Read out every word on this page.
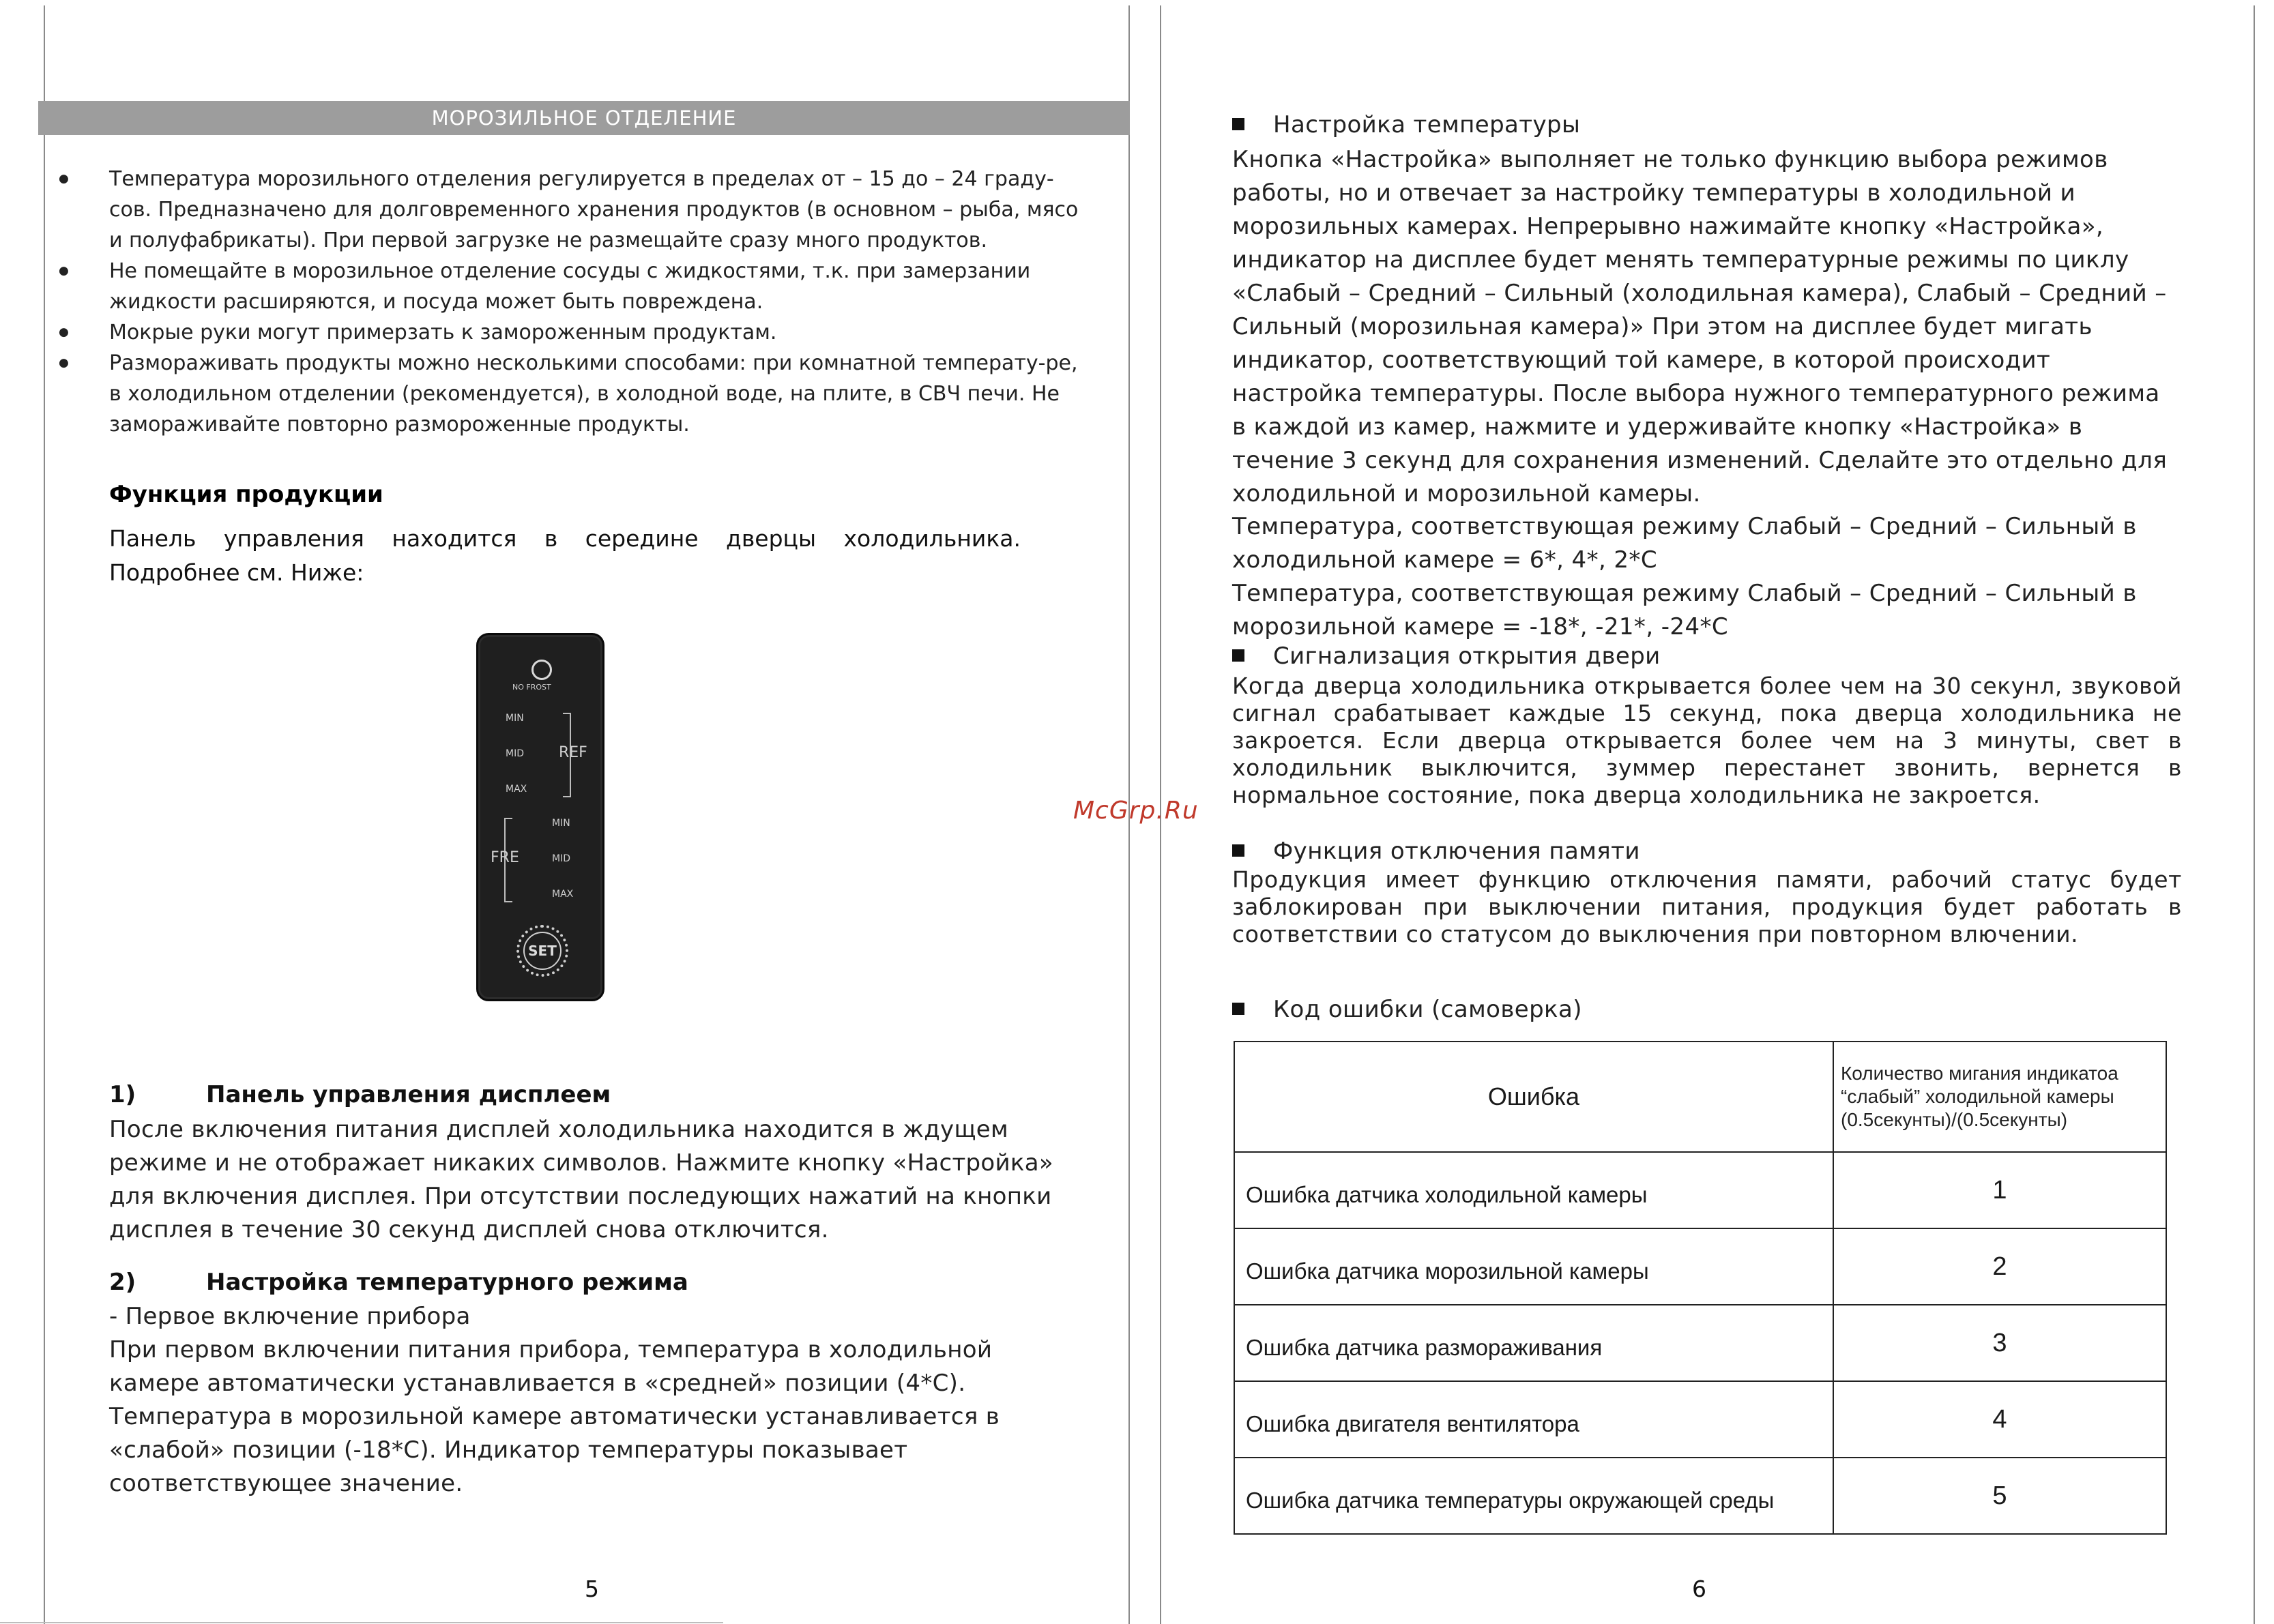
МОРОЗИЛЬНОЕ ОТДЕЛЕНИЕ
● Температура морозильного отделения регулируется в пределах от – 15 до – 24 граду-сов. Предназначено для долговременного хранения продуктов (в основном – рыба, мясо и полуфабрикаты). При первой загрузке не размещайте сразу много продуктов.
● Не помещайте в морозильное отделение сосуды с жидкостями, т.к. при замерзании жидкости расширяются, и посуда может быть повреждена.
● Мокрые руки могут примерзать к замороженным продуктам.
● Размораживать продукты можно несколькими способами: при комнатной температу-ре, в холодильном отделении (рекомендуется), в холодной воде, на плите, в СВЧ печи. Не замораживайте повторно размороженные продукты.
Функция продукции
Панель управления находится в середине дверцы холодильника. Подробнее см. Ниже:
NO FROST
MIN
MID
MAX
REF
MIN
MID
MAX
FRE
SET
1)	Панель управления дисплеем
После включения питания дисплей холодильника находится в ждущем режиме и не отображает никаких символов. Нажмите кнопку «Настройка» для включения дисплея. При отсутствии последующих нажатий на кнопки дисплея в течение 30 секунд дисплей снова отключится.
2)	Настройка температурного режима
- Первое включение прибора
При первом включении питания прибора, температура в холодильной камере автоматически устанавливается в «средней» позиции (4*C). Температура в морозильной камере автоматически устанавливается в «слабой» позиции (-18*C). Индикатор температуры показывает соответствующее значение.
5
Настройка температуры
Кнопка «Настройка» выполняет не только функцию выбора режимов работы, но и отвечает за настройку температуры в холодильной и морозильных камерах. Непрерывно нажимайте кнопку «Настройка», индикатор на дисплее будет менять температурные режимы по циклу «Слабый – Средний – Сильный (холодильная камера), Слабый – Средний – Сильный (морозильная камера)» При этом на дисплее будет мигать индикатор, соответствующий той камере, в которой происходит настройка температуры. После выбора нужного температурного режима в каждой из камер, нажмите и удерживайте кнопку «Настройка» в течение 3 секунд для сохранения изменений. Сделайте это отдельно для холодильной и морозильной камеры.
Температура, соответствующая режиму Слабый – Средний – Сильный в холодильной камере = 6*, 4*, 2*C
Температура, соответствующая режиму Слабый – Средний – Сильный в морозильной камере = -18*, -21*, -24*C
Сигнализация открытия двери
Когда дверца холодильника открывается более чем на 30 секунл, звуковой сигнал срабатывает каждые 15 секунд, пока дверца холодильника не закроется. Если дверца открывается более чем на 3 минуты, свет в холодильник выключится, зуммер перестанет звонить, вернется в нормальное состояние, пока дверца холодильника не закроется.
McGrp.Ru
Функция отключения памяти
Продукция имеет функцию отключения памяти, рабочий статус будет заблокирован при выключении питания, продукция будет работать в соответствии со статусом до выключения при повторном влючении.
Код ошибки (самоверка)
Ошибка	Количество мигания индикатоа “слабый” холодильной камеры (0.5секунты)/(0.5секунты)
Ошибка датчика холодильной камеры	1
Ошибка датчика морозильной камеры	2
Ошибка датчика размораживания	3
Ошибка двигателя вентилятора	4
Ошибка датчика температуры окружающей среды	5
6
